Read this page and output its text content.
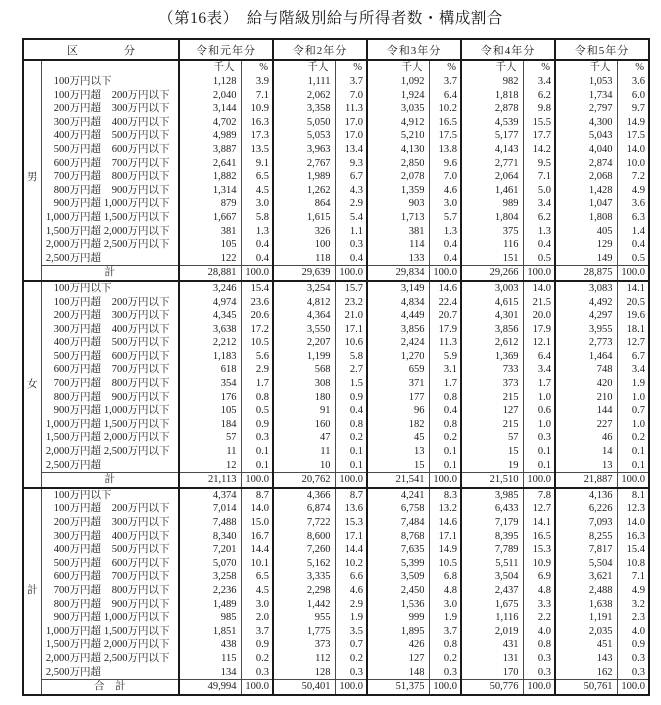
（第16表）　給与階級別給与所得者数・構成割合
区 分		令和元年分		令和2年分		令和3年分		令和4年分		令和5年分	
		千人	%	千人	%	千人	%	千人	%	千人	%
男	100万円以下	1,128	3.9	1,111	3.7	1,092	3.7	982	3.4	1,053	3.6
	100万円超 200万円以下	2,040	7.1	2,062	7.0	1,924	6.4	1,818	6.2	1,734	6.0
	200万円超 300万円以下	3,144	10.9	3,358	11.3	3,035	10.2	2,878	9.8	2,797	9.7
	300万円超 400万円以下	4,702	16.3	5,050	17.0	4,912	16.5	4,539	15.5	4,300	14.9
	400万円超 500万円以下	4,989	17.3	5,053	17.0	5,210	17.5	5,177	17.7	5,043	17.5
	500万円超 600万円以下	3,887	13.5	3,963	13.4	4,130	13.8	4,143	14.2	4,040	14.0
	600万円超 700万円以下	2,641	9.1	2,767	9.3	2,850	9.6	2,771	9.5	2,874	10.0
	700万円超 800万円以下	1,882	6.5	1,989	6.7	2,078	7.0	2,064	7.1	2,068	7.2
	800万円超 900万円以下	1,314	4.5	1,262	4.3	1,359	4.6	1,461	5.0	1,428	4.9
	900万円超 1,000万円以下	879	3.0	864	2.9	903	3.0	989	3.4	1,047	3.6
	1,000万円超 1,500万円以下	1,667	5.8	1,615	5.4	1,713	5.7	1,804	6.2	1,808	6.3
	1,500万円超 2,000万円以下	381	1.3	326	1.1	381	1.3	375	1.3	405	1.4
	2,000万円超 2,500万円以下	105	0.4	100	0.3	114	0.4	116	0.4	129	0.4
	2,500万円超	122	0.4	118	0.4	133	0.4	151	0.5	149	0.5
	計	28,881	100.0	29,639	100.0	29,834	100.0	29,266	100.0	28,875	100.0
女	100万円以下	3,246	15.4	3,254	15.7	3,149	14.6	3,003	14.0	3,083	14.1
	100万円超 200万円以下	4,974	23.6	4,812	23.2	4,834	22.4	4,615	21.5	4,492	20.5
	200万円超 300万円以下	4,345	20.6	4,364	21.0	4,449	20.7	4,301	20.0	4,297	19.6
	300万円超 400万円以下	3,638	17.2	3,550	17.1	3,856	17.9	3,856	17.9	3,955	18.1
	400万円超 500万円以下	2,212	10.5	2,207	10.6	2,424	11.3	2,612	12.1	2,773	12.7
	500万円超 600万円以下	1,183	5.6	1,199	5.8	1,270	5.9	1,369	6.4	1,464	6.7
	600万円超 700万円以下	618	2.9	568	2.7	659	3.1	733	3.4	748	3.4
	700万円超 800万円以下	354	1.7	308	1.5	371	1.7	373	1.7	420	1.9
	800万円超 900万円以下	176	0.8	180	0.9	177	0.8	215	1.0	210	1.0
	900万円超 1,000万円以下	105	0.5	91	0.4	96	0.4	127	0.6	144	0.7
	1,000万円超 1,500万円以下	184	0.9	160	0.8	182	0.8	215	1.0	227	1.0
	1,500万円超 2,000万円以下	57	0.3	47	0.2	45	0.2	57	0.3	46	0.2
	2,000万円超 2,500万円以下	11	0.1	11	0.1	13	0.1	15	0.1	14	0.1
	2,500万円超	12	0.1	10	0.1	15	0.1	19	0.1	13	0.1
	計	21,113	100.0	20,762	100.0	21,541	100.0	21,510	100.0	21,887	100.0
計	100万円以下	4,374	8.7	4,366	8.7	4,241	8.3	3,985	7.8	4,136	8.1
	100万円超 200万円以下	7,014	14.0	6,874	13.6	6,758	13.2	6,433	12.7	6,226	12.3
	200万円超 300万円以下	7,488	15.0	7,722	15.3	7,484	14.6	7,179	14.1	7,093	14.0
	300万円超 400万円以下	8,340	16.7	8,600	17.1	8,768	17.1	8,395	16.5	8,255	16.3
	400万円超 500万円以下	7,201	14.4	7,260	14.4	7,635	14.9	7,789	15.3	7,817	15.4
	500万円超 600万円以下	5,070	10.1	5,162	10.2	5,399	10.5	5,511	10.9	5,504	10.8
	600万円超 700万円以下	3,258	6.5	3,335	6.6	3,509	6.8	3,504	6.9	3,621	7.1
	700万円超 800万円以下	2,236	4.5	2,298	4.6	2,450	4.8	2,437	4.8	2,488	4.9
	800万円超 900万円以下	1,489	3.0	1,442	2.9	1,536	3.0	1,675	3.3	1,638	3.2
	900万円超 1,000万円以下	985	2.0	955	1.9	999	1.9	1,116	2.2	1,191	2.3
	1,000万円超 1,500万円以下	1,851	3.7	1,775	3.5	1,895	3.7	2,019	4.0	2,035	4.0
	1,500万円超 2,000万円以下	438	0.9	373	0.7	426	0.8	431	0.8	451	0.9
	2,000万円超 2,500万円以下	115	0.2	112	0.2	127	0.2	131	0.3	143	0.3
	2,500万円超	134	0.3	128	0.3	148	0.3	170	0.3	162	0.3
	合　計	49,994	100.0	50,401	100.0	51,375	100.0	50,776	100.0	50,761	100.0
